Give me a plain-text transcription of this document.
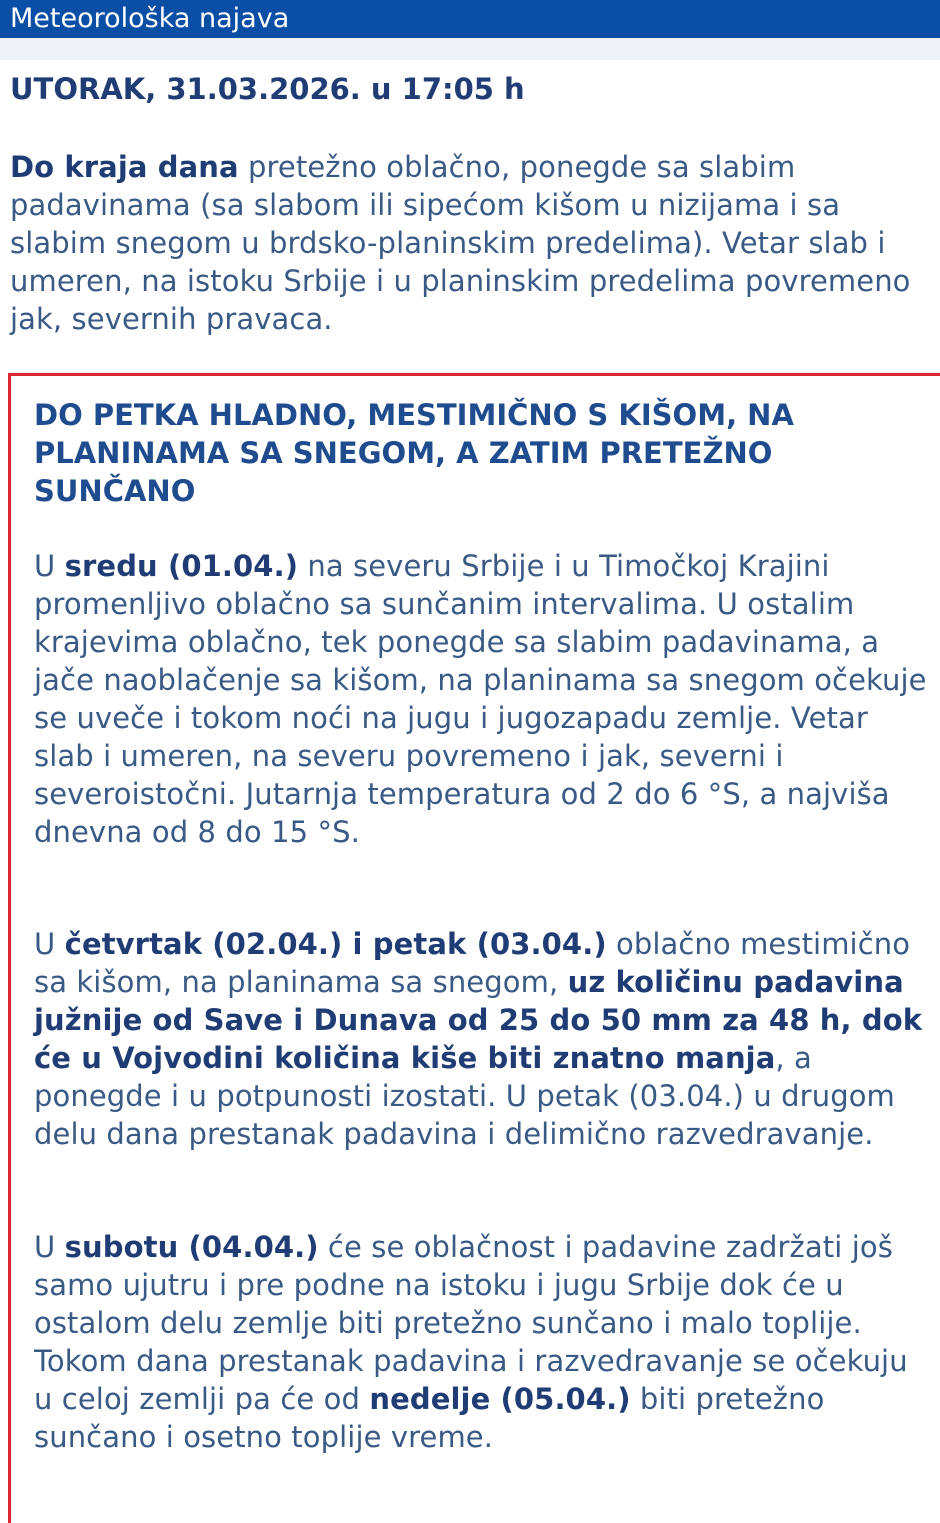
Meteorološka najava
UTORAK, 31.03.2026. u 17:05 h

Do kraja dana pretežno oblačno, ponegde sa slabim padavinama (sa slabom ili sipećom kišom u nizijama i sa slabim snegom u brdsko-planinskim predelima). Vetar slab i umeren, na istoku Srbije i u planinskim predelima povremeno jak, severnih pravaca.

DO PETKA HLADNO, MESTIMIČNO S KIŠOM, NA PLANINAMA SA SNEGOM, A ZATIM PRETEŽNO SUNČANO

U sredu (01.04.) na severu Srbije i u Timočkoj Krajini promenljivo oblačno sa sunčanim intervalima. U ostalim krajevima oblačno, tek ponegde sa slabim padavinama, a jače naoblačenje sa kišom, na planinama sa snegom očekuje se uveče i tokom noći na jugu i jugozapadu zemlje. Vetar slab i umeren, na severu povremeno i jak, severni i severoistočni. Jutarnja temperatura od 2 do 6 °S, a najviša dnevna od 8 do 15 °S.

U četvrtak (02.04.) i petak (03.04.) oblačno mestimično sa kišom, na planinama sa snegom, uz količinu padavina južnije od Save i Dunava od 25 do 50 mm za 48 h, dok će u Vojvodini količina kiše biti znatno manja, a ponegde i u potpunosti izostati. U petak (03.04.) u drugom delu dana prestanak padavina i delimično razvedravanje.

U subotu (04.04.) će se oblačnost i padavine zadržati još samo ujutru i pre podne na istoku i jugu Srbije dok će u ostalom delu zemlje biti pretežno sunčano i malo toplije. Tokom dana prestanak padavina i razvedravanje se očekuju u celoj zemlji pa će od nedelje (05.04.) biti pretežno sunčano i osetno toplije vreme.
